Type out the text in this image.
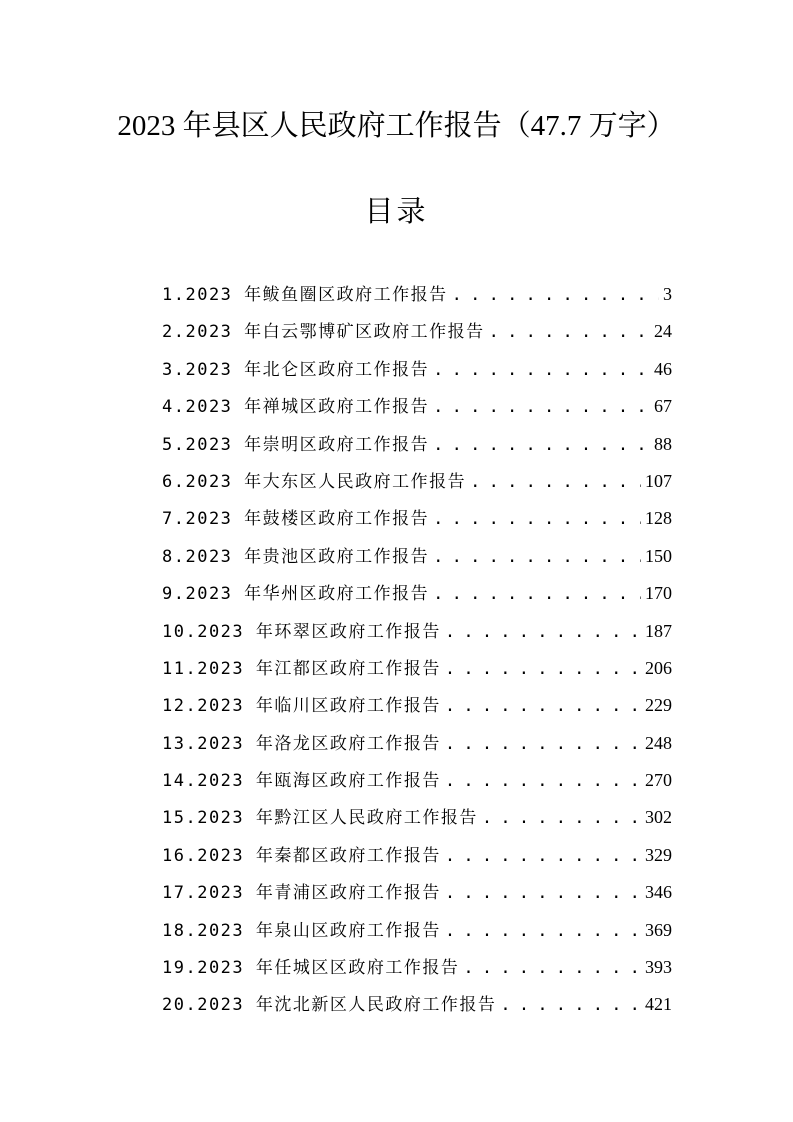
2023 年县区人民政府工作报告（47.7 万字）
目录
1.2023 年鲅鱼圈区政府工作报告 . . .	3
2.2023 年白云鄂博矿区政府工作报告 . . .	24
3.2023 年北仑区政府工作报告 . . .	46
4.2023 年禅城区政府工作报告 . . .	67
5.2023 年崇明区政府工作报告 . . .	88
6.2023 年大东区人民政府工作报告 . . .	107
7.2023 年鼓楼区政府工作报告 . . .	128
8.2023 年贵池区政府工作报告 . . .	150
9.2023 年华州区政府工作报告 . . .	170
10.2023 年环翠区政府工作报告 . . .	187
11.2023 年江都区政府工作报告 . . .	206
12.2023 年临川区政府工作报告 . . .	229
13.2023 年洛龙区政府工作报告 . . .	248
14.2023 年瓯海区政府工作报告 . . .	270
15.2023 年黔江区人民政府工作报告 . . .	302
16.2023 年秦都区政府工作报告 . . .	329
17.2023 年青浦区政府工作报告 . . .	346
18.2023 年泉山区政府工作报告 . . .	369
19.2023 年任城区区政府工作报告 . . .	393
20.2023 年沈北新区人民政府工作报告 . . .	421
